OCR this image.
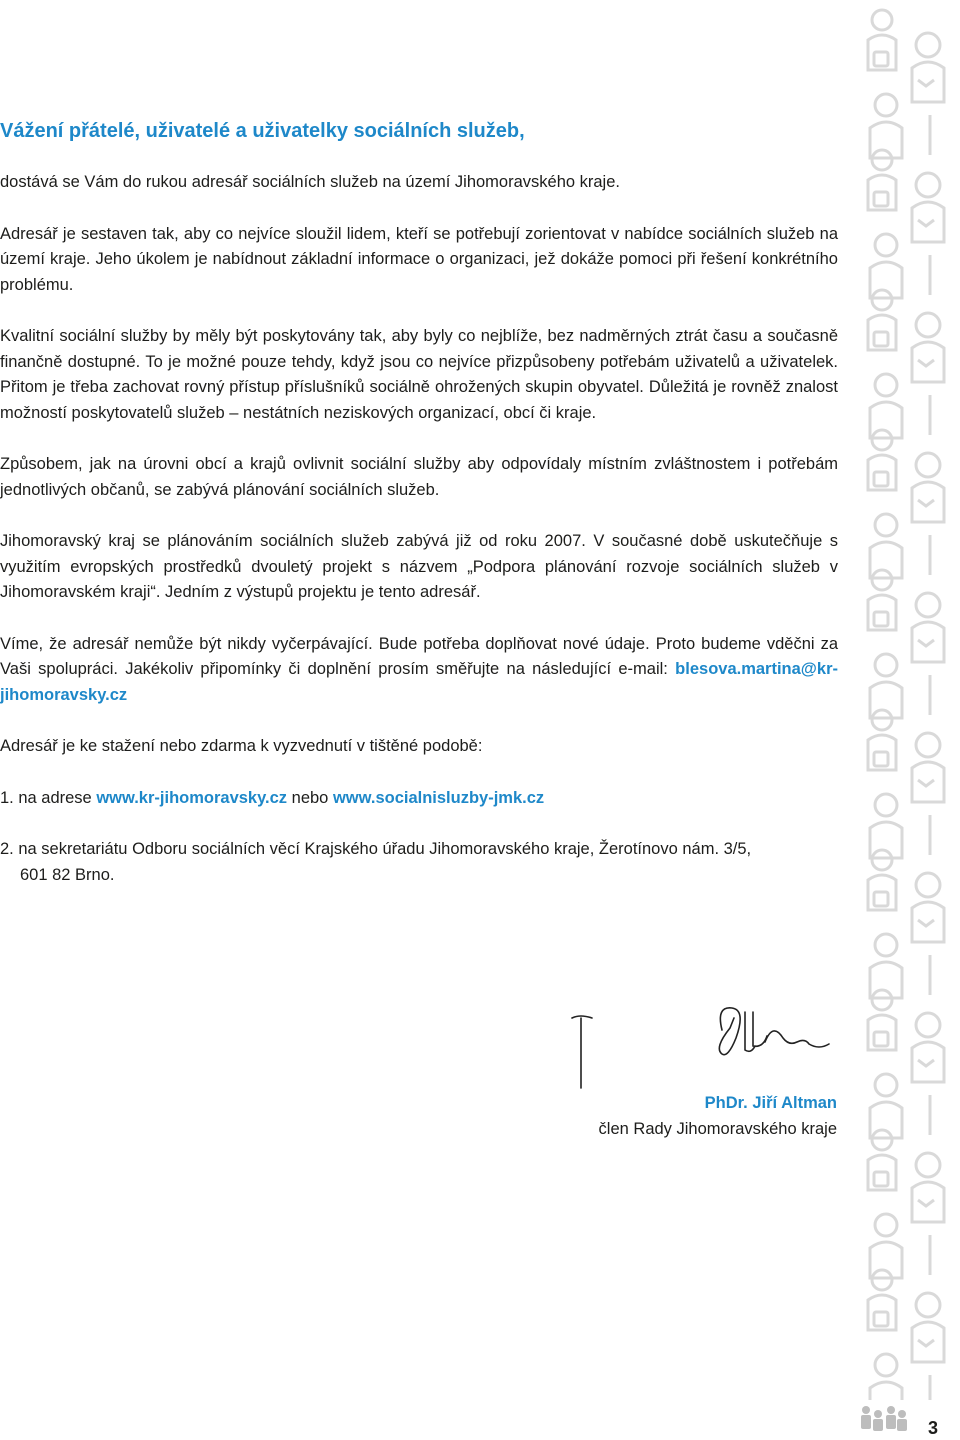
Vážení přátelé, uživatelé a uživatelky sociálních služeb,

dostává se Vám do rukou adresář sociálních služeb na území Jihomoravského kraje.

Adresář je sestaven tak, aby co nejvíce sloužil lidem, kteří se potřebují zorientovat v nabídce sociálních služeb na území kraje. Jeho úkolem je nabídnout základní informace o organizaci, jež dokáže pomoci při řešení konkrétního problému.

Kvalitní sociální služby by měly být poskytovány tak, aby byly co nejblíže, bez nadměrných ztrát času a současně finančně dostupné. To je možné pouze tehdy, když jsou co nejvíce přizpůsobeny potřebám uživatelů a uživatelek. Přitom je třeba zachovat rovný přístup příslušníků sociálně ohrožených skupin obyvatel. Důležitá je rovněž znalost možností poskytovatelů služeb – nestátních neziskových organizací, obcí či kraje.

Způsobem, jak na úrovni obcí a krajů ovlivnit sociální služby aby odpovídaly místním zvláštnostem i potřebám jednotlivých občanů, se zabývá plánování sociálních služeb.

Jihomoravský kraj se plánováním sociálních služeb zabývá již od roku 2007. V současné době uskutečňuje s využitím evropských prostředků dvouletý projekt s názvem „Podpora plánování rozvoje sociálních služeb v Jihomoravském kraji“. Jedním z výstupů projektu je tento adresář.

Víme, že adresář nemůže být nikdy vyčerpávající. Bude potřeba doplňovat nové údaje. Proto budeme vděčni za Vaši spolupráci. Jakékoliv připomínky či doplnění prosím směřujte na následující e-mail: blesova.martina@kr-jihomoravsky.cz

Adresář je ke stažení nebo zdarma k vyzvednutí v tištěné podobě:

1. na adrese www.kr-jihomoravsky.cz nebo www.socialnisluzby-jmk.cz
2. na sekretariátu Odboru sociálních věcí Krajského úřadu Jihomoravského kraje, Žerotínovo nám. 3/5,
601 82 Brno.
PhDr. Jiří Altman
člen Rady Jihomoravského kraje
3
